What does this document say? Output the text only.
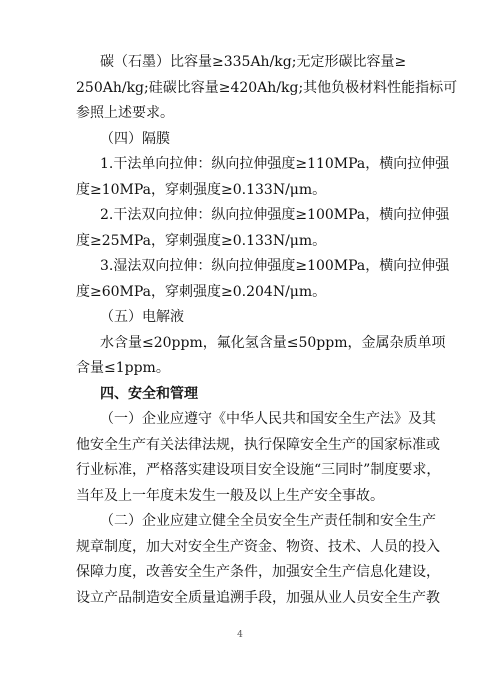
碳（石墨）比容量≥335Ah/kg;无定形碳比容量≥
250Ah/kg;硅碳比容量≥420Ah/kg;其他负极材料性能指标可
参照上述要求。
（四）隔膜
1.干法单向拉伸：纵向拉伸强度≥110MPa，横向拉伸强
度≥10MPa，穿刺强度≥0.133N/μm。
2.干法双向拉伸：纵向拉伸强度≥100MPa，横向拉伸强
度≥25MPa，穿刺强度≥0.133N/μm。
3.湿法双向拉伸：纵向拉伸强度≥100MPa，横向拉伸强
度≥60MPa，穿刺强度≥0.204N/μm。
（五）电解液
水含量≤20ppm，氟化氢含量≤50ppm，金属杂质单项
含量≤1ppm。
四、安全和管理
（一）企业应遵守《中华人民共和国安全生产法》及其
他安全生产有关法律法规，执行保障安全生产的国家标准或
行业标准，严格落实建设项目安全设施“三同时”制度要求，
当年及上一年度未发生一般及以上生产安全事故。
（二）企业应建立健全全员安全生产责任制和安全生产
规章制度，加大对安全生产资金、物资、技术、人员的投入
保障力度，改善安全生产条件，加强安全生产信息化建设，
设立产品制造安全质量追溯手段，加强从业人员安全生产教
4
